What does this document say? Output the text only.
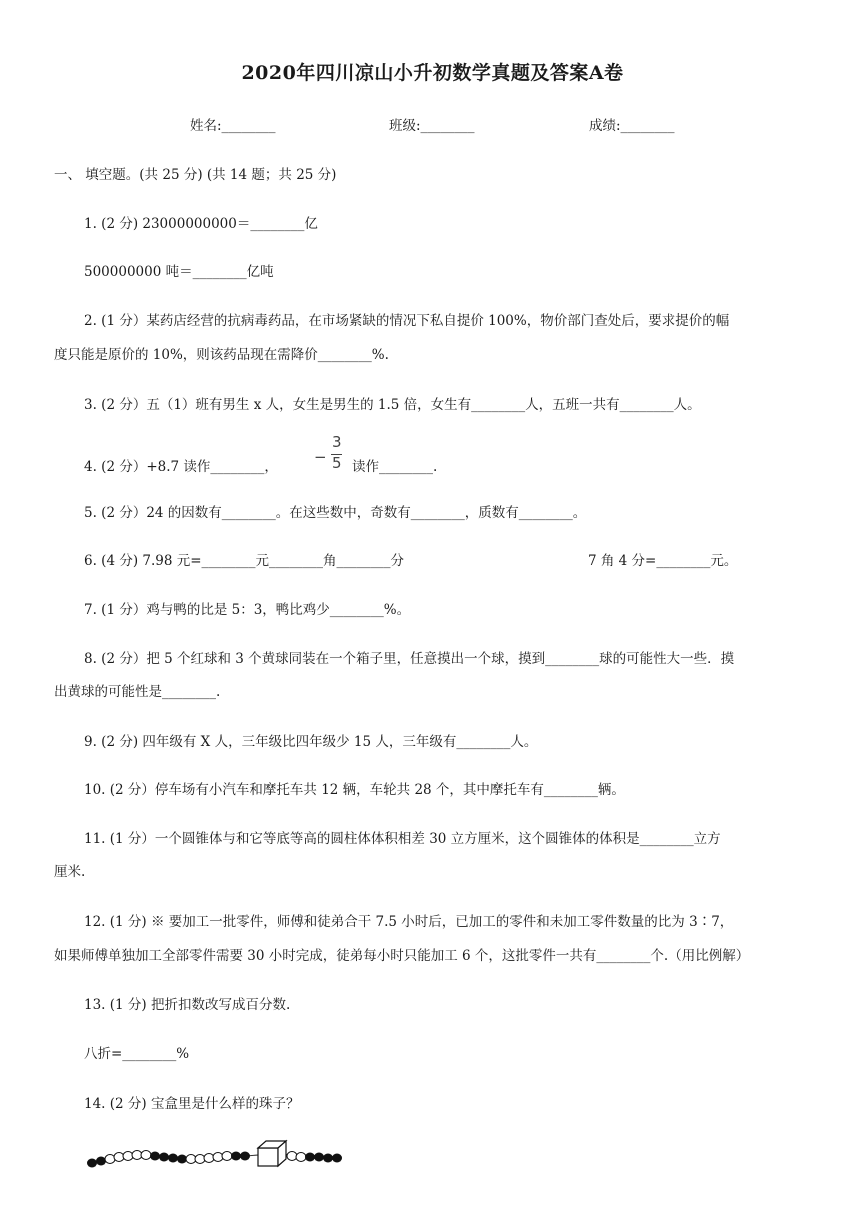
2020年四川凉山小升初数学真题及答案A卷
姓名:________	班级:________	成绩:________
一、 填空题。(共 25 分) (共 14 题；共 25 分)
1. (2 分) 23000000000＝________亿
500000000 吨＝________亿吨
2. (1 分）某药店经营的抗病毒药品，在市场紧缺的情况下私自提价 100%，物价部门查处后，要求提价的幅
度只能是原价的 10%，则该药品现在需降价________%.
3. (2 分）五（1）班有男生 x 人，女生是男生的 1.5 倍，女生有________人，五班一共有________人。
4. (2 分）+8.7 读作________，
−
3
5 读作________.
5. (2 分）24 的因数有________。在这些数中，奇数有________，质数有________。
6. (4 分) 7.98 元=________元________角________分	7 角 4 分=________元。
7. (1 分）鸡与鸭的比是 5：3，鸭比鸡少________%。
8. (2 分）把 5 个红球和 3 个黄球同装在一个箱子里，任意摸出一个球，摸到________球的可能性大一些．摸
出黄球的可能性是________.
9. (2 分) 四年级有 X 人，三年级比四年级少 15 人，三年级有________人。
10. (2 分）停车场有小汽车和摩托车共 12 辆，车轮共 28 个，其中摩托车有________辆。
11. (1 分）一个圆锥体与和它等底等高的圆柱体体积相差 30 立方厘米，这个圆锥体的体积是________立方
厘米.
12. (1 分) ※ 要加工一批零件，师傅和徒弟合干 7.5 小时后，已加工的零件和未加工零件数量的比为 3∶7，
如果师傅单独加工全部零件需要 30 小时完成，徒弟每小时只能加工 6 个，这批零件一共有________个.（用比例解）
13. (1 分) 把折扣数改写成百分数.
八折=________%
14. (2 分) 宝盒里是什么样的珠子？
